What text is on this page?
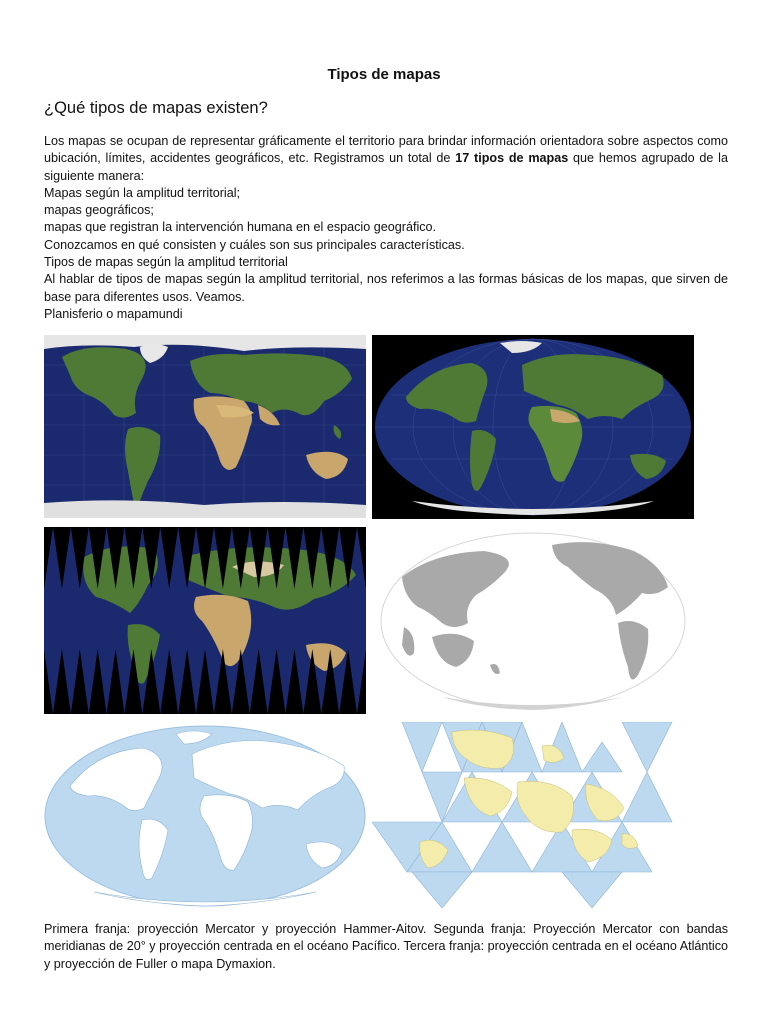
Tipos de mapas
¿Qué tipos de mapas existen?

Los mapas se ocupan de representar gráficamente el territorio para brindar información orientadora sobre aspectos como ubicación, límites, accidentes geográficos, etc. Registramos un total de 17 tipos de mapas que hemos agrupado de la siguiente manera:

Mapas según la amplitud territorial;

mapas geográficos;

mapas que registran la intervención humana en el espacio geográfico.

Conozcamos en qué consisten y cuáles son sus principales características.

Tipos de mapas según la amplitud territorial

Al hablar de tipos de mapas según la amplitud territorial, nos referimos a las formas básicas de los mapas, que sirven de base para diferentes usos. Veamos.

Planisferio o mapamundi

Primera franja: proyección Mercator y proyección Hammer-Aitov. Segunda franja: Proyección Mercator con bandas meridianas de 20° y proyección centrada en el océano Pacífico. Tercera franja: proyección centrada en el océano Atlántico y proyección de Fuller o mapa Dymaxion.
